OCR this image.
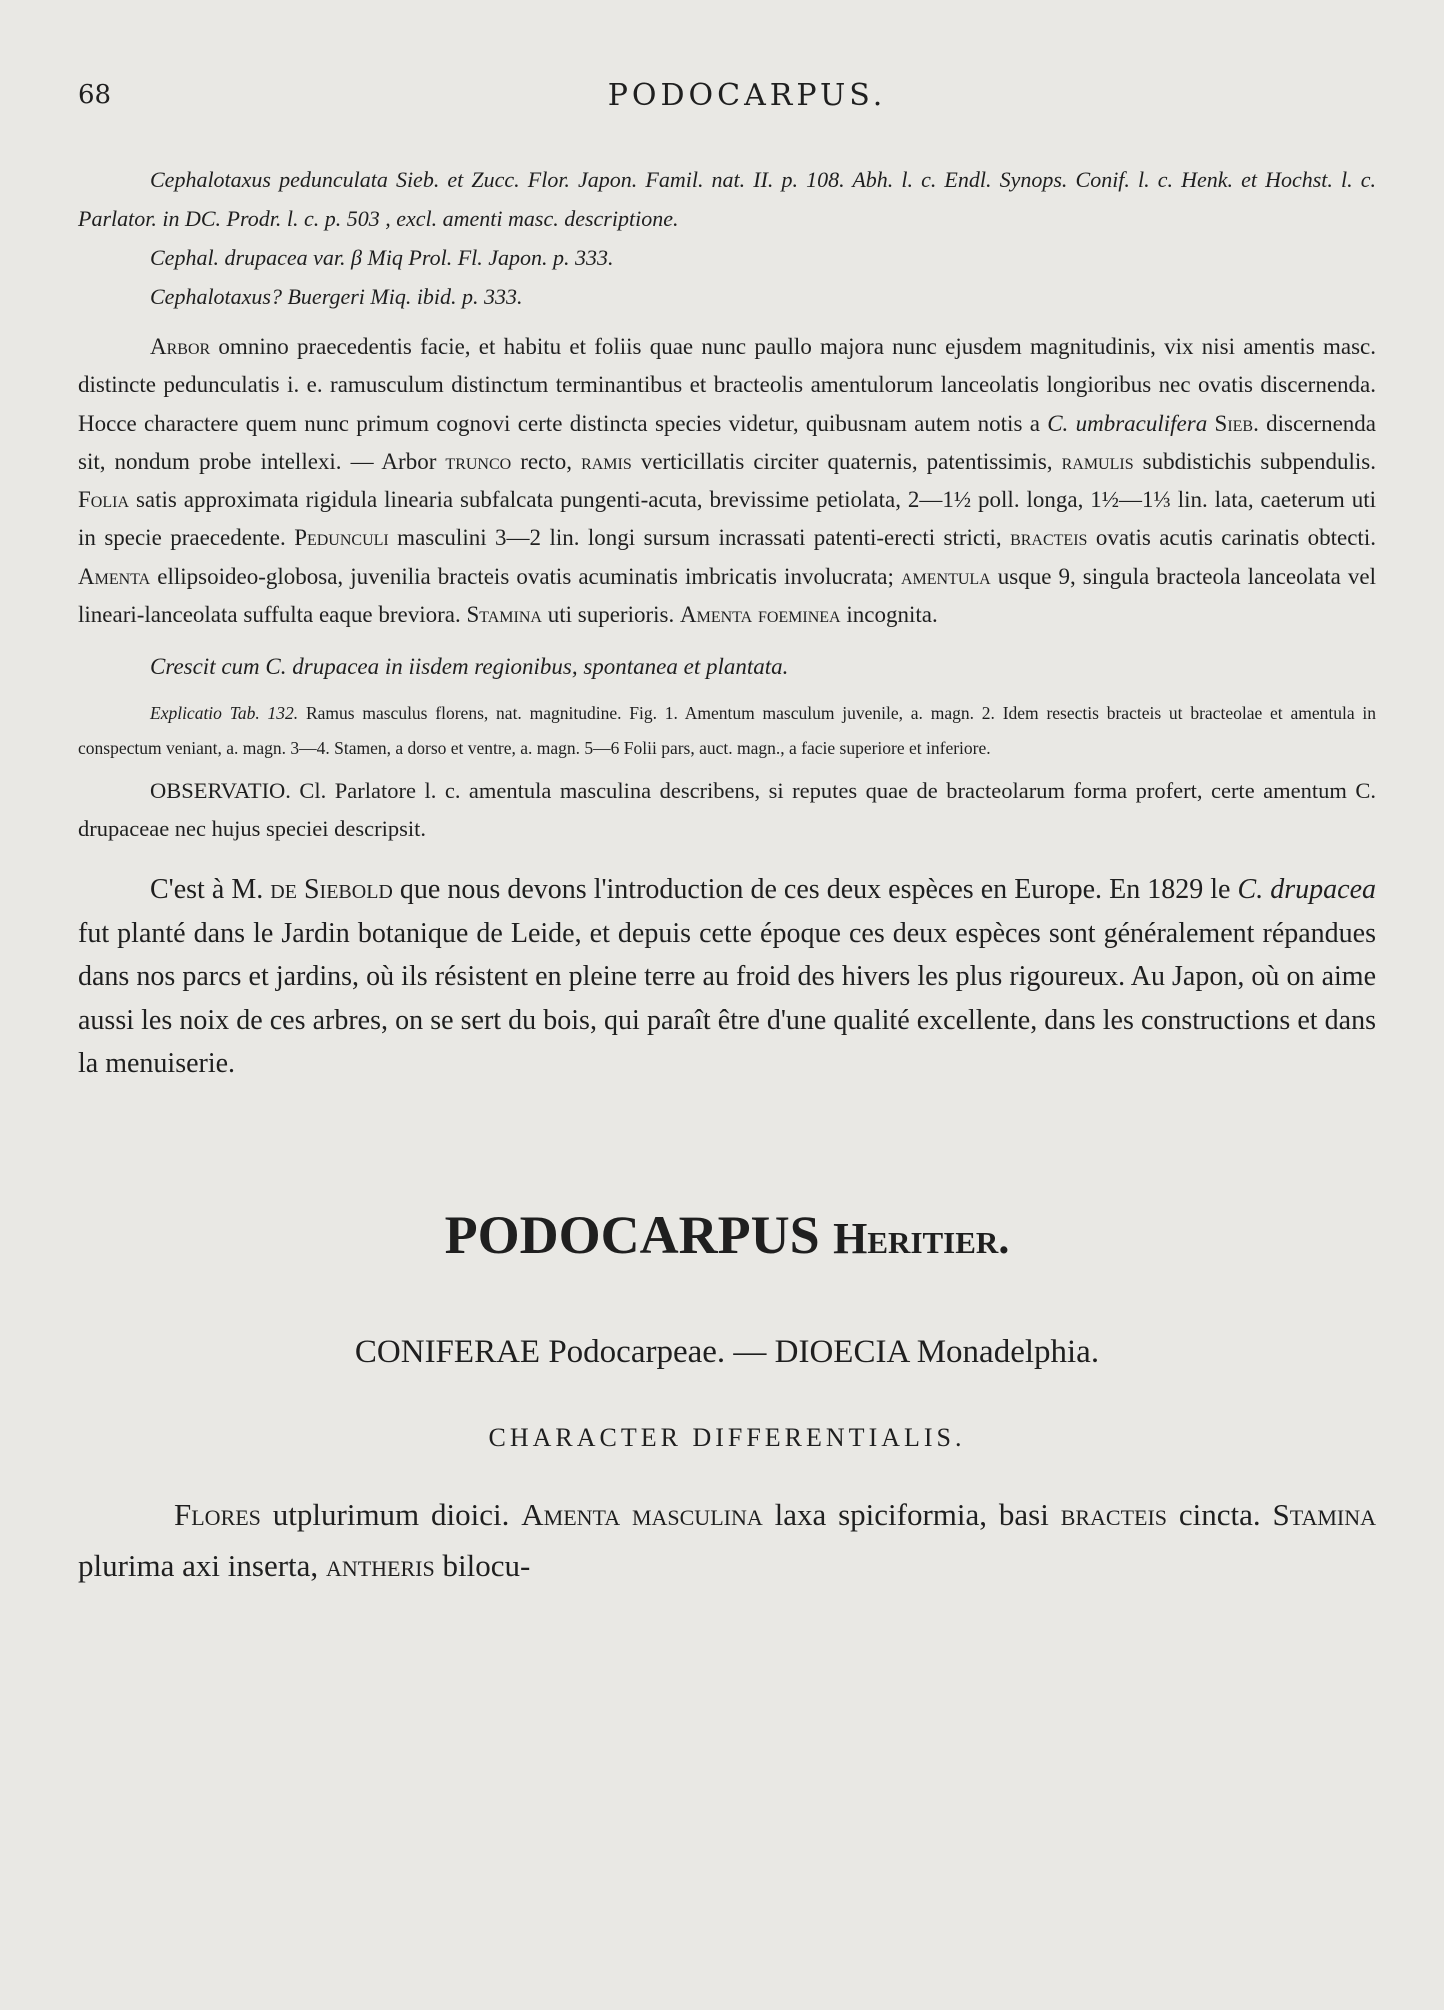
68	PODOCARPUS.

Cephalotaxus pedunculata Sieb. et Zucc. Flor. Japon. Famil. nat. II. p. 108. Abh. l. c. Endl. Synops. Conif. l. c. Henk. et Hochst. l. c. Parlator. in DC. Prodr. l. c. p. 503 , excl. amenti masc. descriptione.

Cephal. drupacea var. β Miq Prol. Fl. Japon. p. 333.

Cephalotaxus? Buergeri Miq. ibid. p. 333.

Arbor omnino praecedentis facie, et habitu et foliis quae nunc paullo majora nunc ejusdem magnitudinis, vix nisi amentis masc. distincte pedunculatis i. e. ramusculum distinctum terminantibus et bracteolis amentulorum lanceolatis longioribus nec ovatis discernenda. Hocce charactere quem nunc primum cognovi certe distincta species videtur, quibusnam autem notis a C. umbraculifera Sieb. discernenda sit, nondum probe intellexi. — Arbor trunco recto, ramis verticillatis circiter quaternis, patentissimis, ramulis subdistichis subpendulis. Folia satis approximata rigidula linearia subfalcata pungenti-acuta, brevissime petiolata, 2—1½ poll. longa, 1½—1⅓ lin. lata, caeterum uti in specie praecedente. Pedunculi masculini 3—2 lin. longi sursum incrassati patenti-erecti stricti, bracteis ovatis acutis carinatis obtecti. Amenta ellipsoideo-globosa, juvenilia bracteis ovatis acuminatis imbricatis involucrata; amentula usque 9, singula bracteola lanceolata vel lineari-lanceolata suffulta eaque breviora. Stamina uti superioris. Amenta foeminea incognita.

Crescit cum C. drupacea in iisdem regionibus, spontanea et plantata.

Explicatio Tab. 132. Ramus masculus florens, nat. magnitudine. Fig. 1. Amentum masculum juvenile, a. magn. 2. Idem resectis bracteis ut bracteolae et amentula in conspectum veniant, a. magn. 3—4. Stamen, a dorso et ventre, a. magn. 5—6 Folii pars, auct. magn., a facie superiore et inferiore.

OBSERVATIO. Cl. Parlatore l. c. amentula masculina describens, si reputes quae de bracteolarum forma profert, certe amentum C. drupaceae nec hujus speciei descripsit.

C'est à M. de Siebold que nous devons l'introduction de ces deux espèces en Europe. En 1829 le C. drupacea fut planté dans le Jardin botanique de Leide, et depuis cette époque ces deux espèces sont généralement répandues dans nos parcs et jardins, où ils résistent en pleine terre au froid des hivers les plus rigoureux. Au Japon, où on aime aussi les noix de ces arbres, on se sert du bois, qui paraît être d'une qualité excellente, dans les constructions et dans la menuiserie.

PODOCARPUS Heritier.
CONIFERAE Podocarpeae. — DIOECIA Monadelphia.
CHARACTER DIFFERENTIALIS.

Flores utplurimum dioici. Amenta masculina laxa spiciformia, basi bracteis cincta. Stamina plurima axi inserta, antheris bilocu-
